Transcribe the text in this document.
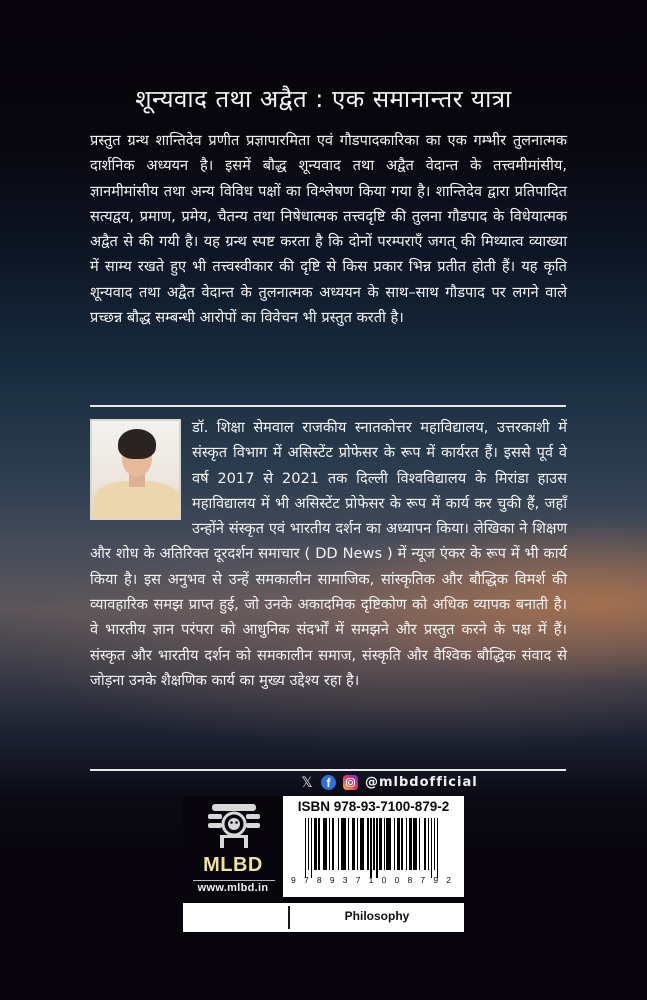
शून्यवाद तथा अद्वैत : एक समानान्तर यात्रा

प्रस्तुत ग्रन्थ शान्तिदेव प्रणीत प्रज्ञापारमिता एवं गौडपादकारिका का एक गम्भीर तुलनात्मक दार्शनिक अध्ययन है। इसमें बौद्ध शून्यवाद तथा अद्वैत वेदान्त के तत्त्वमीमांसीय, ज्ञानमीमांसीय तथा अन्य विविध पक्षों का विश्लेषण किया गया है। शान्तिदेव द्वारा प्रतिपादित सत्यद्वय, प्रमाण, प्रमेय, चैतन्य तथा निषेधात्मक तत्त्वदृष्टि की तुलना गौडपाद के विधेयात्मक अद्वैत से की गयी है। यह ग्रन्थ स्पष्ट करता है कि दोनों परम्पराएँ जगत् की मिथ्यात्व व्याख्या में साम्य रखते हुए भी तत्त्वस्वीकार की दृष्टि से किस प्रकार भिन्न प्रतीत होती हैं। यह कृति शून्यवाद तथा अद्वैत वेदान्त के तुलनात्मक अध्ययन के साथ–साथ गौडपाद पर लगने वाले प्रच्छन्न बौद्ध सम्बन्धी आरोपों का विवेचन भी प्रस्तुत करती है।

डॉ. शिक्षा सेमवाल राजकीय स्नातकोत्तर महाविद्यालय, उत्तरकाशी में संस्कृत विभाग में असिस्टेंट प्रोफेसर के रूप में कार्यरत हैं। इससे पूर्व वे वर्ष 2017 से 2021 तक दिल्ली विश्वविद्यालय के मिरांडा हाउस महाविद्यालय में भी असिस्टेंट प्रोफेसर के रूप में कार्य कर चुकी हैं, जहाँ उन्होंने संस्कृत एवं भारतीय दर्शन का अध्यापन किया। लेखिका ने शिक्षण और शोध के अतिरिक्त दूरदर्शन समाचार ( DD News ) में न्यूज एंकर के रूप में भी कार्य किया है। इस अनुभव से उन्हें समकालीन सामाजिक, सांस्कृतिक और बौद्धिक विमर्श की व्यावहारिक समझ प्राप्त हुई, जो उनके अकादमिक दृष्टिकोण को अधिक व्यापक बनाती है। वे भारतीय ज्ञान परंपरा को आधुनिक संदर्भों में समझने और प्रस्तुत करने के पक्ष में हैं। संस्कृत और भारतीय दर्शन को समकालीन समाज, संस्कृति और वैश्विक बौद्धिक संवाद से जोड़ना उनके शैक्षणिक कार्य का मुख्य उद्देश्य रहा है।
𝕏	f	@mlbdofficial
MLBD
www.mlbd.in
ISBN 978-93-7100-879-2
9 7 8 9 3 7 1 0 0 8 7 9 2
Philosophy
